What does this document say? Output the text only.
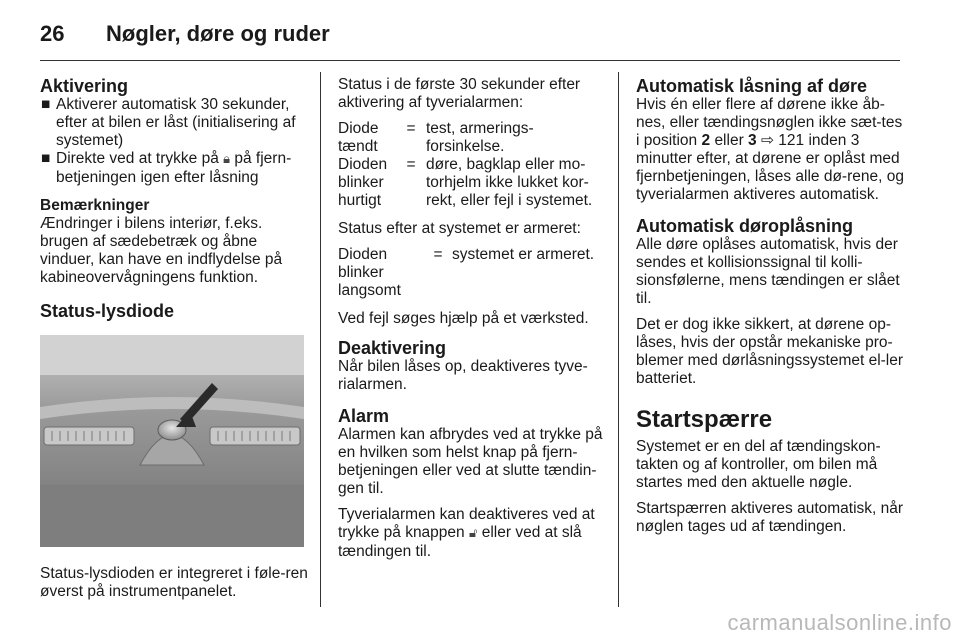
26	Nøgler, døre og ruder
Aktivering
■ Aktiverer automatisk 30 sekunder, efter at bilen er låst (initialisering af systemet)
■ Direkte ved at trykke på 🔒︎ på fjern-betjeningen igen efter låsning
Bemærkninger

Ændringer i bilens interiør, f.eks. brugen af sædebetræk og åbne vinduer, kan have en indflydelse på kabineovervågningens funktion.

Status-lysdiode

Status-lysdioden er integreret i føle-ren øverst på instrumentpanelet.

Status i de første 30 sekunder efter aktivering af tyverialarmen:

Diode tændt	=	test, armerings-forsinkelse.
Dioden blinker hurtigt	=	døre, bagklap eller mo-torhjelm ikke lukket kor-rekt, eller fejl i systemet.

Status efter at systemet er armeret:

Dioden blinker langsomt	=	systemet er armeret.

Ved fejl søges hjælp på et værksted.

Deaktivering

Når bilen låses op, deaktiveres tyve-rialarmen.

Alarm

Alarmen kan afbrydes ved at trykke på en hvilken som helst knap på fjern-betjeningen eller ved at slutte tændin-gen til.

Tyverialarmen kan deaktiveres ved at trykke på knappen 🔓︎ eller ved at slå tændingen til.

Automatisk låsning af døre

Hvis én eller flere af dørene ikke åb-nes, eller tændingsnøglen ikke sæt-tes i position 2 eller 3 ⇨ 121 inden 3 minutter efter, at dørene er oplåst med fjernbetjeningen, låses alle dø-rene, og tyverialarmen aktiveres automatisk.

Automatisk døroplåsning

Alle døre oplåses automatisk, hvis der sendes et kollisionssignal til kolli-sionsfølerne, mens tændingen er slået til.

Det er dog ikke sikkert, at dørene op-låses, hvis der opstår mekaniske pro-blemer med dørlåsningssystemet el-ler batteriet.

Startspærre

Systemet er en del af tændingskon-takten og af kontroller, om bilen må startes med den aktuelle nøgle.

Startspærren aktiveres automatisk, når nøglen tages ud af tændingen.

carmanualsonline.info
